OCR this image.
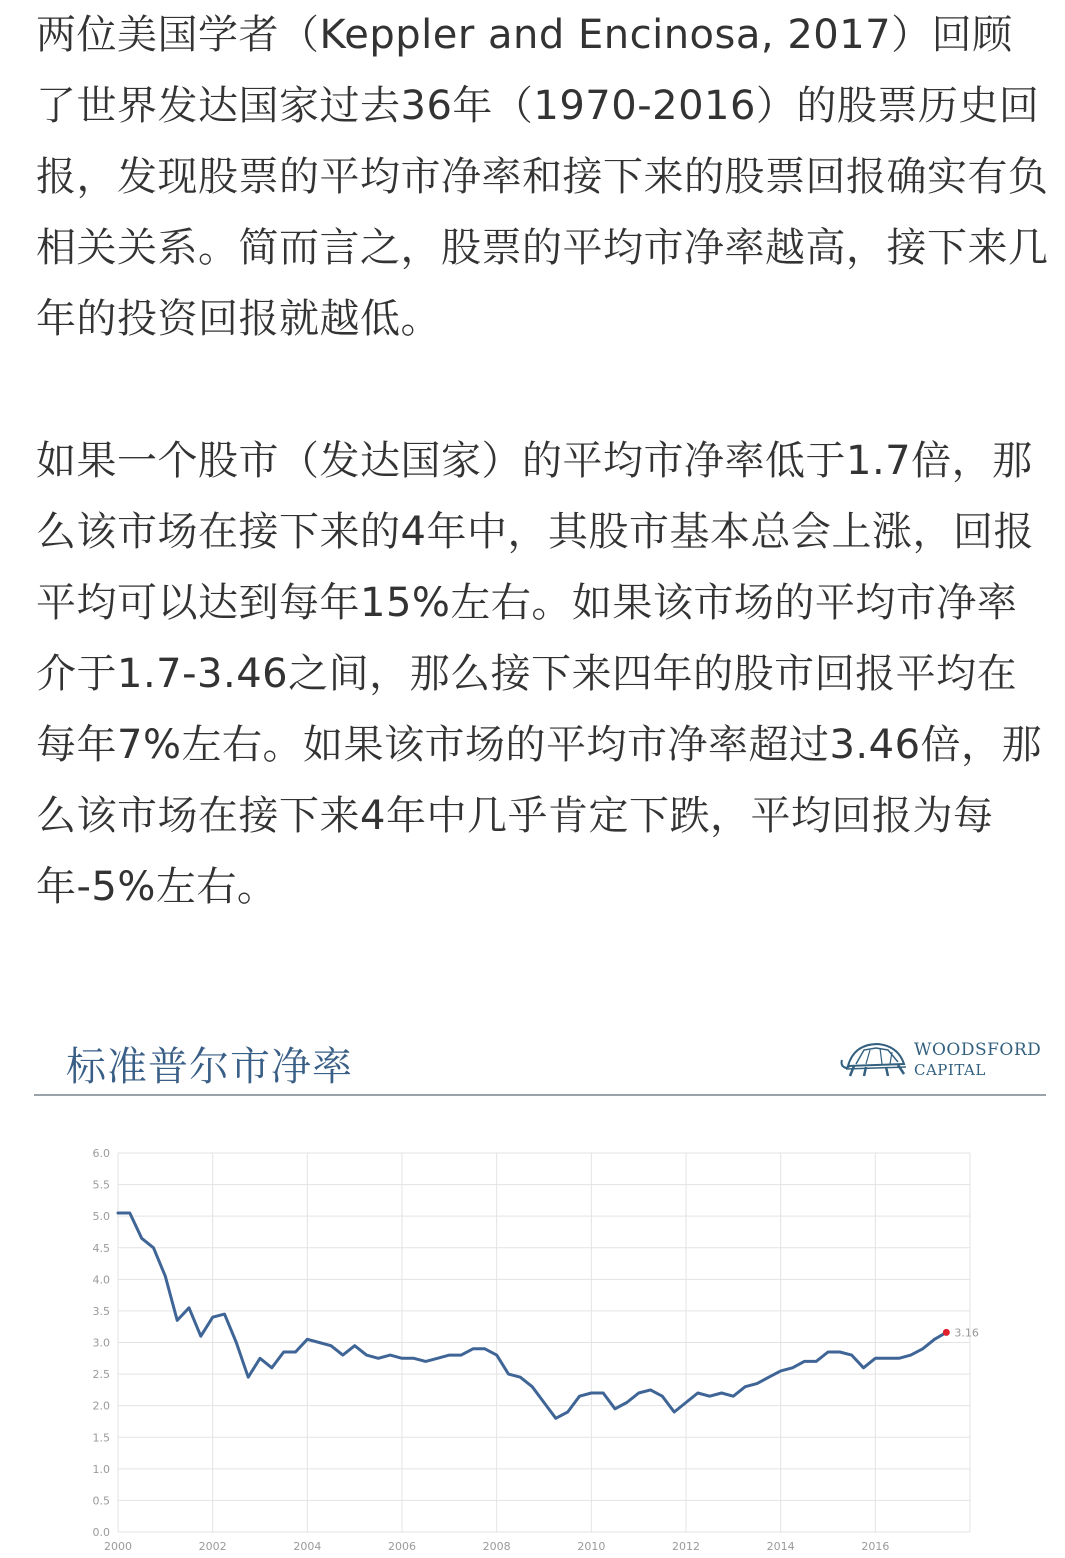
两位美国学者（Keppler and Encinosa, 2017）回顾了世界发达国家过去36年（1970-2016）的股票历史回报，发现股票的平均市净率和接下来的股票回报确实有负相关关系。简而言之，股票的平均市净率越高，接下来几年的投资回报就越低。

如果一个股市（发达国家）的平均市净率低于1.7倍，那么该市场在接下来的4年中，其股市基本总会上涨，回报平均可以达到每年15%左右。如果该市场的平均市净率介于1.7-3.46之间，那么接下来四年的股市回报平均在每年7%左右。如果该市场的平均市净率超过3.46倍，那么该市场在接下来4年中几乎肯定下跌，平均回报为每年-5%左右。

标准普尔市净率	WOODSFORD
CAPITAL
0.0
0.5
1.0
1.5
2.0
2.5
3.0
3.5
4.0
4.5
5.0
5.5
6.0
2000	2002	2004	2006	2008	2010	2012	2014	2016
3.16
